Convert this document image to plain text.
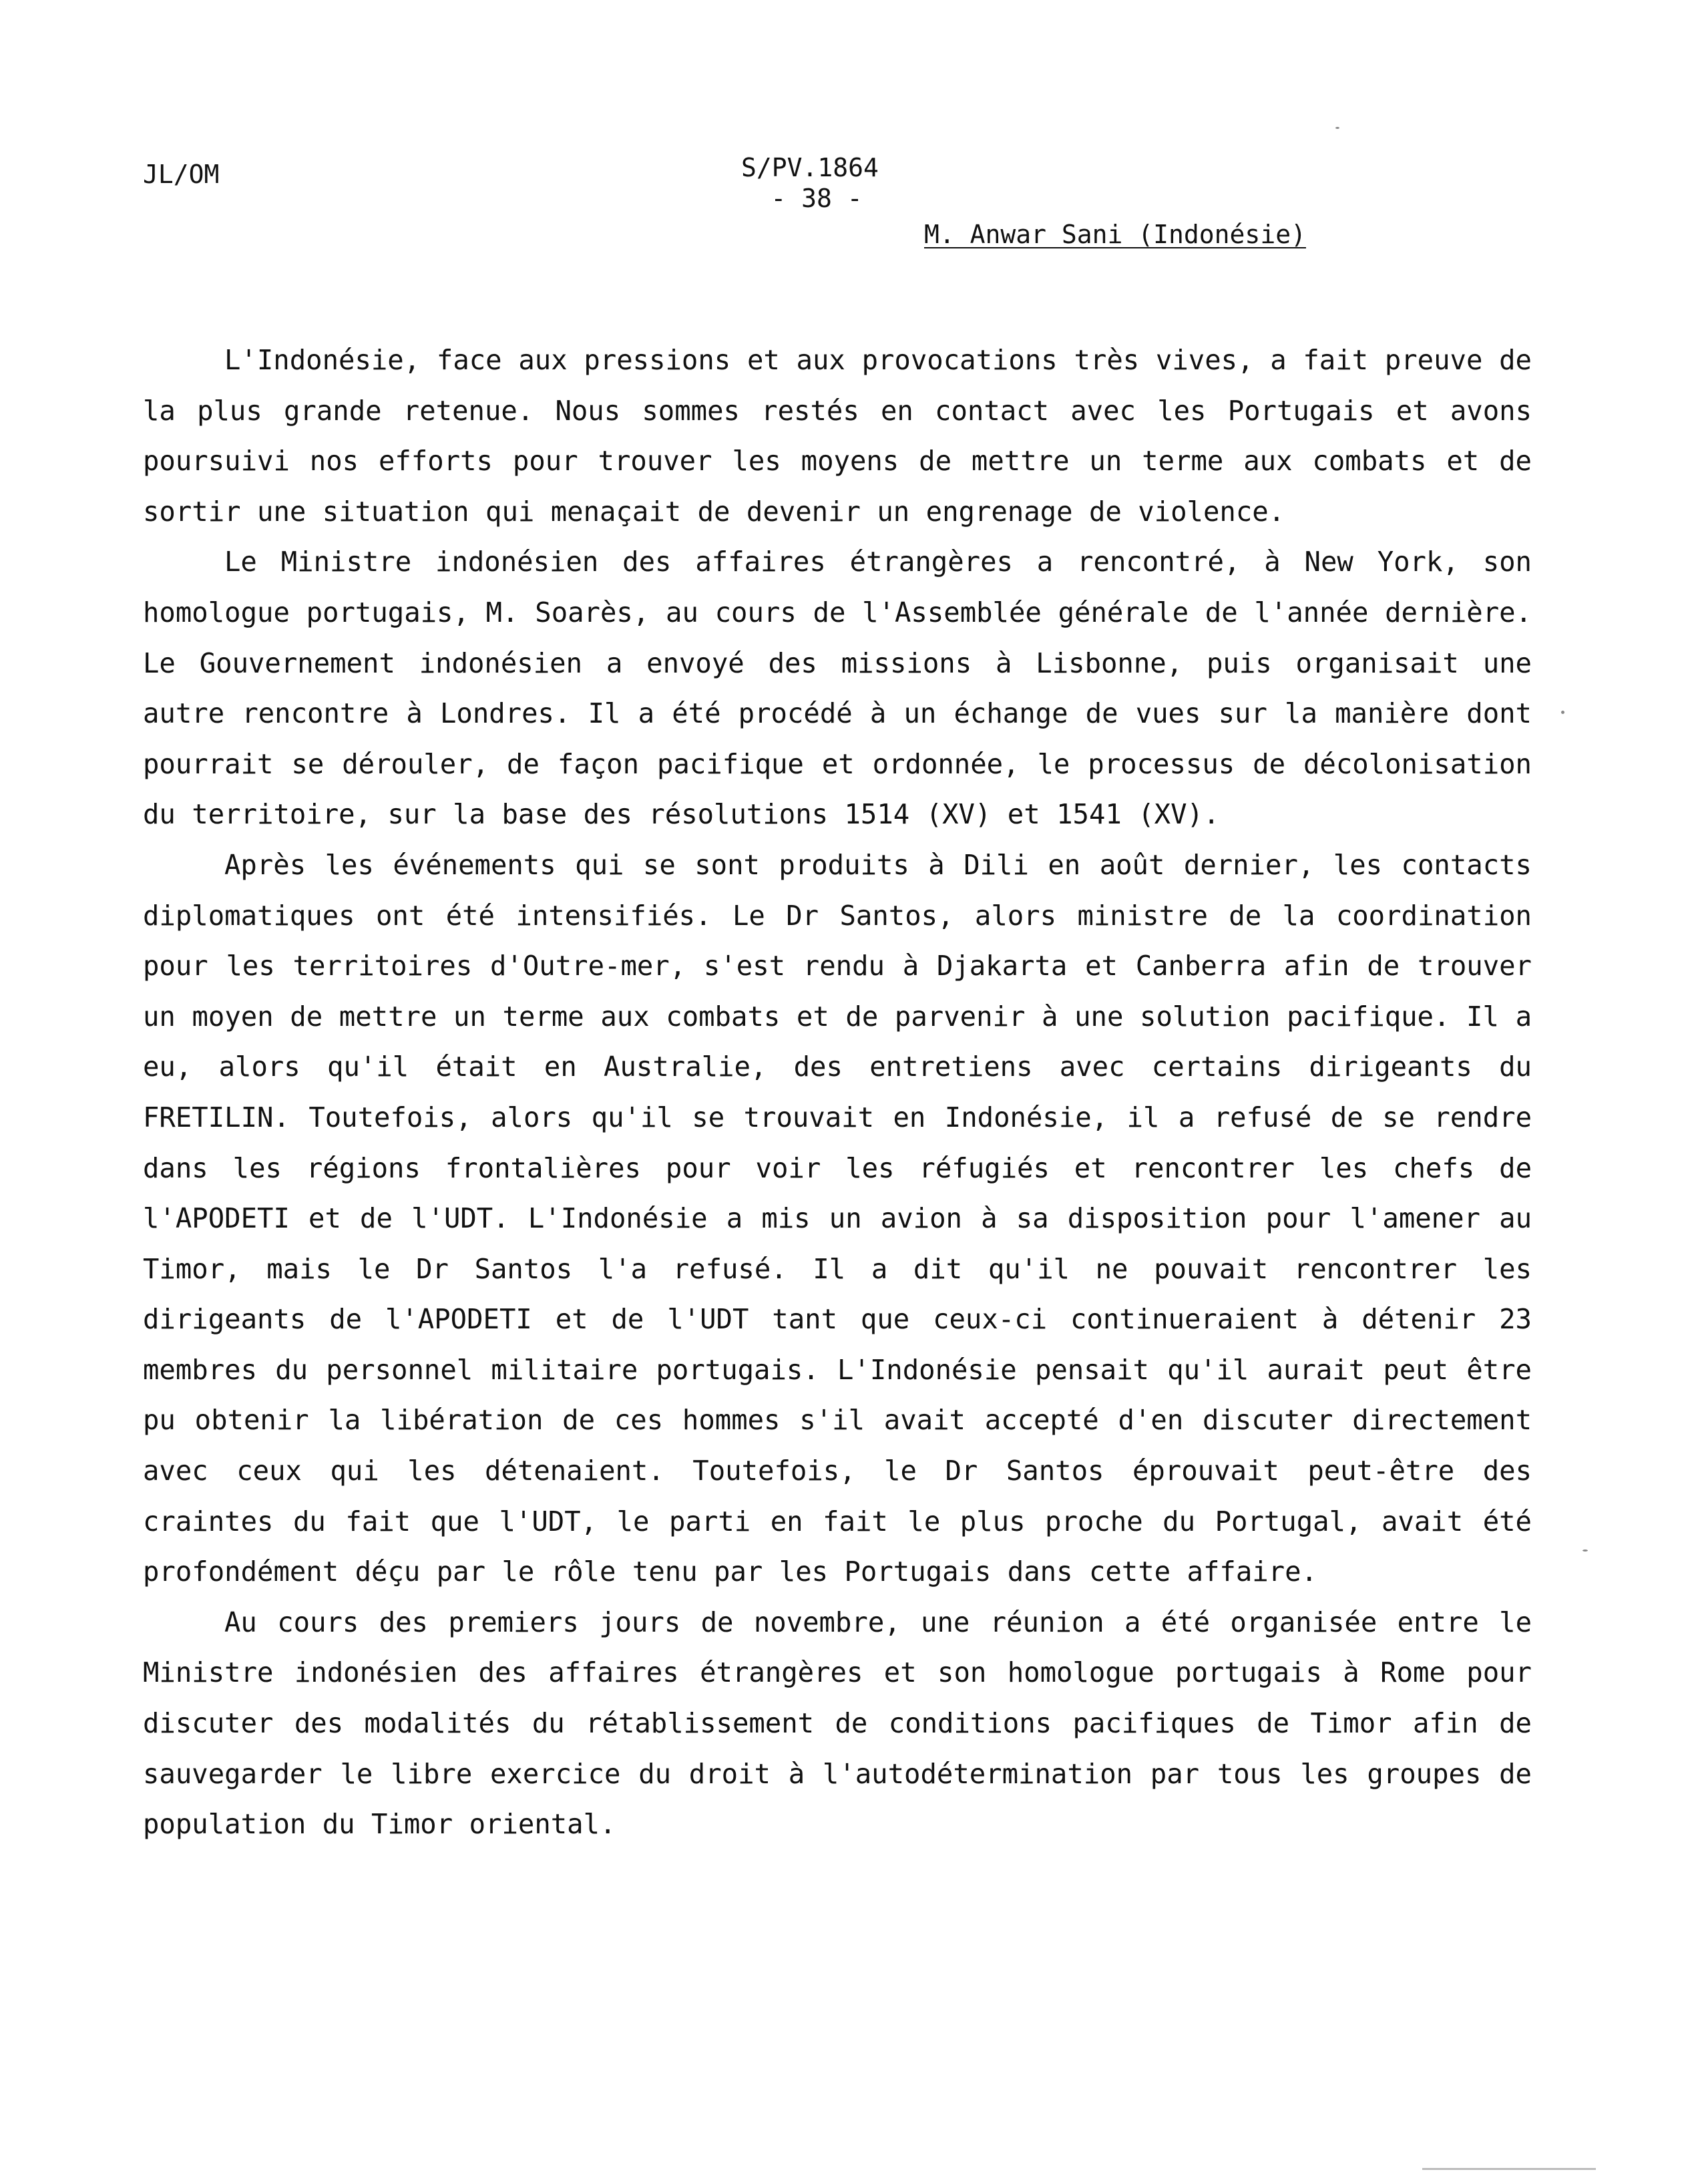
JL/OM	S/PV.1864
- 38 -
M. Anwar Sani (Indonésie)

L'Indonésie, face aux pressions et aux provocations très vives, a fait preuve de la plus grande retenue. Nous sommes restés en contact avec les Portugais et avons poursuivi nos efforts pour trouver les moyens de mettre un terme aux combats et de sortir une situation qui menaçait de devenir un engrenage de violence.

Le Ministre indonésien des affaires étrangères a rencontré, à New York, son homologue portugais, M. Soarès, au cours de l'Assemblée générale de l'année dernière. Le Gouvernement indonésien a envoyé des missions à Lisbonne, puis organisait une autre rencontre à Londres. Il a été procédé à un échange de vues sur la manière dont pourrait se dérouler, de façon pacifique et ordonnée, le processus de décolonisation du territoire, sur la base des résolutions 1514 (XV) et 1541 (XV).

Après les événements qui se sont produits à Dili en août dernier, les contacts diplomatiques ont été intensifiés. Le Dr Santos, alors ministre de la coordination pour les territoires d'Outre-mer, s'est rendu à Djakarta et Canberra afin de trouver un moyen de mettre un terme aux combats et de parvenir à une solution pacifique. Il a eu, alors qu'il était en Australie, des entretiens avec certains dirigeants du FRETILIN. Toutefois, alors qu'il se trouvait en Indonésie, il a refusé de se rendre dans les régions frontalières pour voir les réfugiés et rencontrer les chefs de l'APODETI et de l'UDT. L'Indonésie a mis un avion à sa disposition pour l'amener au Timor, mais le Dr Santos l'a refusé. Il a dit qu'il ne pouvait rencontrer les dirigeants de l'APODETI et de l'UDT tant que ceux-ci continueraient à détenir 23 membres du personnel militaire portugais. L'Indonésie pensait qu'il aurait peut être pu obtenir la libération de ces hommes s'il avait accepté d'en discuter directement avec ceux qui les détenaient. Toutefois, le Dr Santos éprouvait peut-être des craintes du fait que l'UDT, le parti en fait le plus proche du Portugal, avait été profondément déçu par le rôle tenu par les Portugais dans cette affaire.

Au cours des premiers jours de novembre, une réunion a été organisée entre le Ministre indonésien des affaires étrangères et son homologue portugais à Rome pour discuter des modalités du rétablissement de conditions pacifiques de Timor afin de sauvegarder le libre exercice du droit à l'autodétermination par tous les groupes de population du Timor oriental.
